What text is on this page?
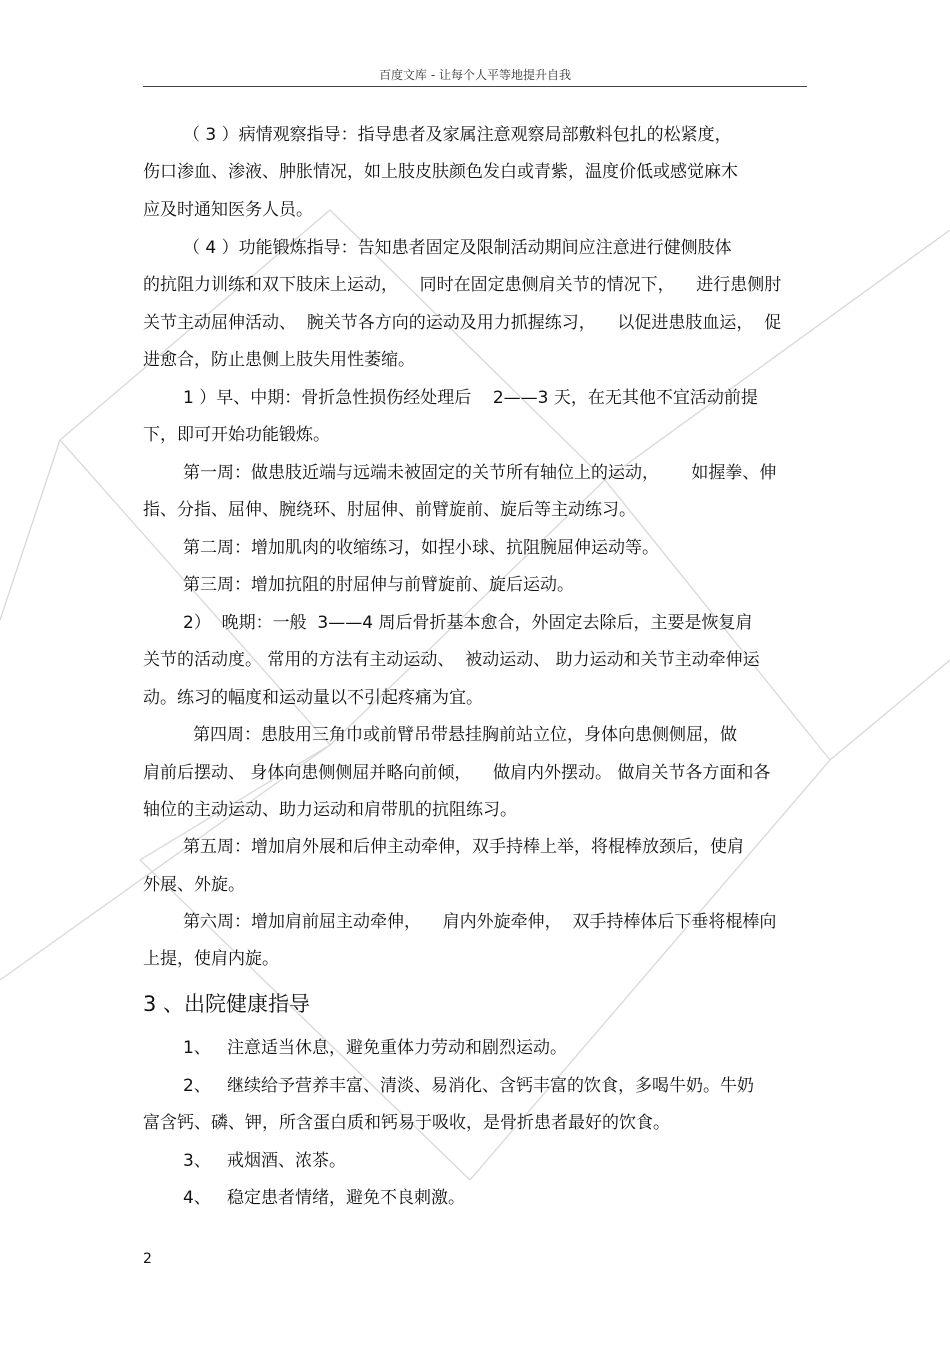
百度文库 - 让每个人平等地提升自我
（ 3 ）病情观察指导：指导患者及家属注意观察局部敷料包扎的松紧度，
伤口渗血、渗液、肿胀情况，如上肢皮肤颜色发白或青紫，温度价低或感觉麻木
应及时通知医务人员。
（ 4 ）功能锻炼指导：告知患者固定及限制活动期间应注意进行健侧肢体
的抗阻力训练和双下肢床上运动，    同时在固定患侧肩关节的情况下，    进行患侧肘
关节主动屈伸活动、  腕关节各方向的运动及用力抓握练习，    以促进患肢血运，  促
进愈合，防止患侧上肢失用性萎缩。
1 ）早、中期：骨折急性损伤经处理后    2——3 天，在无其他不宜活动前提
下，即可开始功能锻炼。
第一周：做患肢近端与远端未被固定的关节所有轴位上的运动，      如握拳、伸
指、分指、屈伸、腕绕环、肘屈伸、前臂旋前、旋后等主动练习。
第二周：增加肌肉的收缩练习，如捏小球、抗阻腕屈伸运动等。
第三周：增加抗阻的肘屈伸与前臂旋前、旋后运动。
2）  晚期：一般  3——4 周后骨折基本愈合，外固定去除后，主要是恢复肩
关节的活动度。 常用的方法有主动运动、  被动运动、 助力运动和关节主动牵伸运
动。练习的幅度和运动量以不引起疼痛为宜。
第四周：患肢用三角巾或前臂吊带悬挂胸前站立位，身体向患侧侧屈，做
肩前后摆动、 身体向患侧侧屈并略向前倾，    做肩内外摆动。 做肩关节各方面和各
轴位的主动运动、助力运动和肩带肌的抗阻练习。
第五周：增加肩外展和后伸主动牵伸，双手持棒上举，将棍棒放颈后，使肩
外展、外旋。
第六周：增加肩前屈主动牵伸，    肩内外旋牵伸，  双手持棒体后下垂将棍棒向
上提，使肩内旋。
3 、出院健康指导
1、   注意适当休息，避免重体力劳动和剧烈运动。
2、   继续给予营养丰富、清淡、易消化、含钙丰富的饮食，多喝牛奶。牛奶
富含钙、磷、钾，所含蛋白质和钙易于吸收，是骨折患者最好的饮食。
3、   戒烟酒、浓茶。
4、   稳定患者情绪，避免不良刺激。
2
